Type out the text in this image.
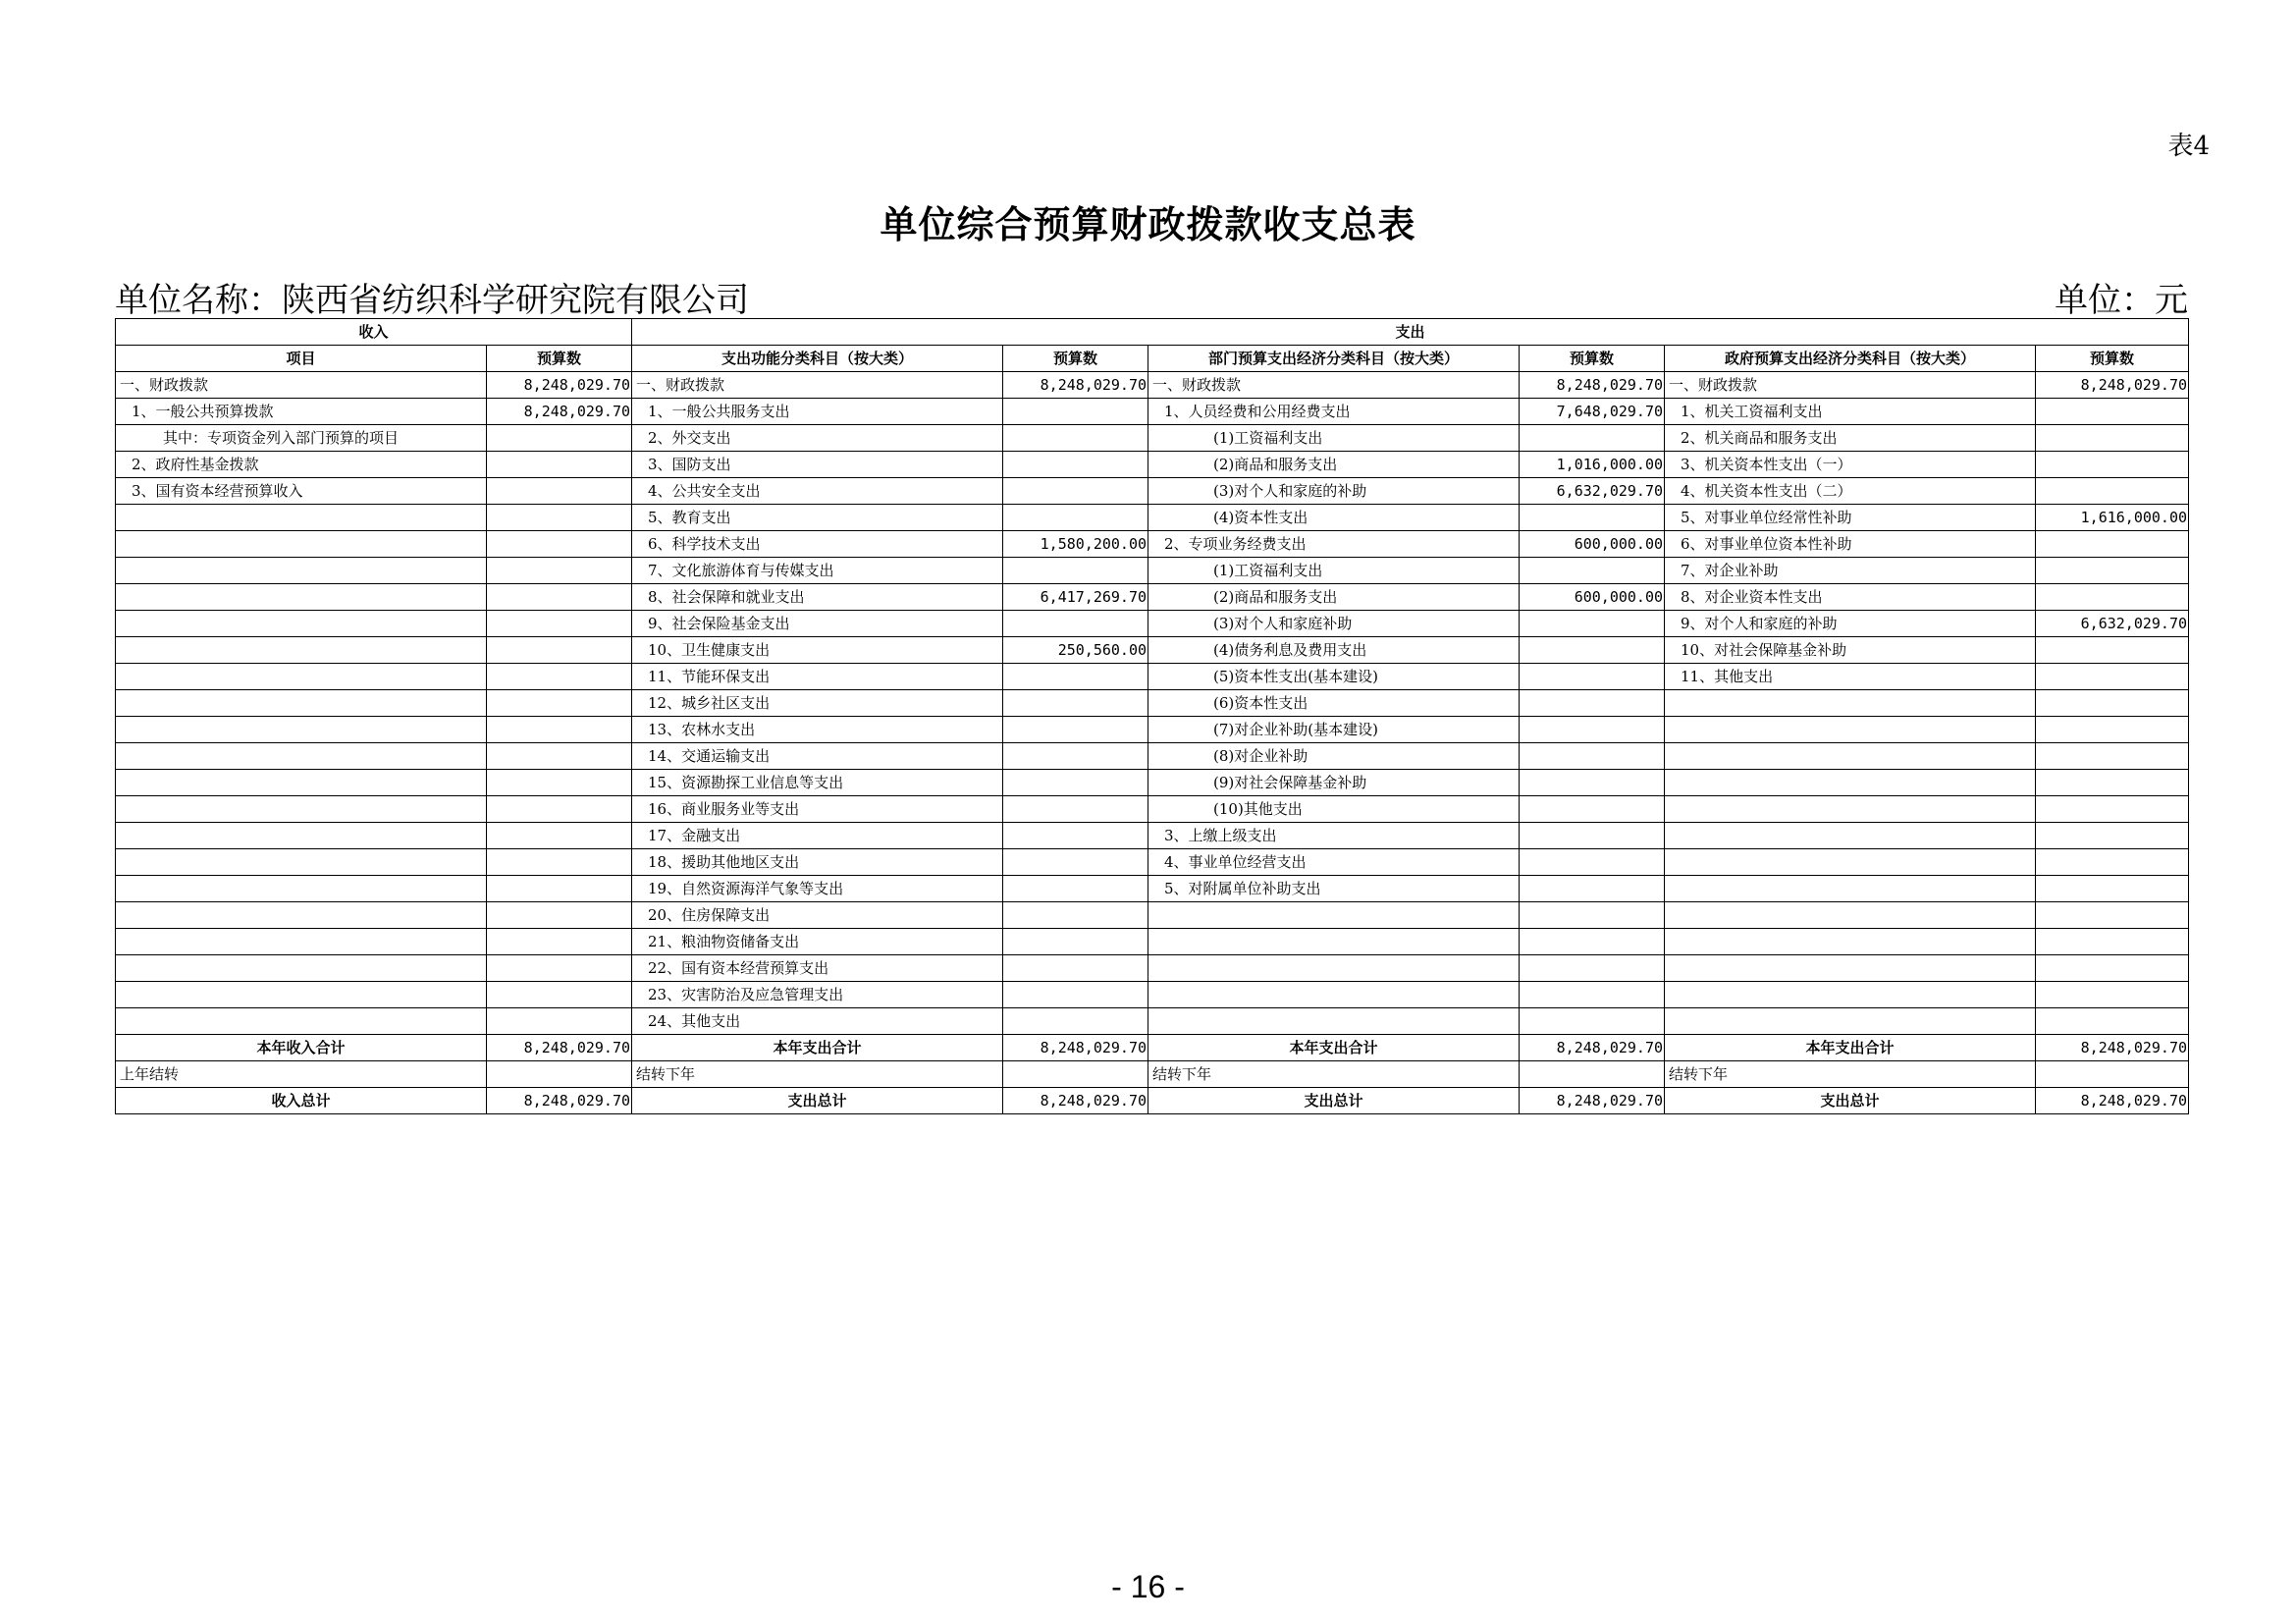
表4
单位综合预算财政拨款收支总表
单位名称：陕西省纺织科学研究院有限公司	单位：元
收入		支出					
项目	预算数	支出功能分类科目（按大类）	预算数	部门预算支出经济分类科目（按大类）	预算数	政府预算支出经济分类科目（按大类）	预算数
一、财政拨款	8,248,029.70	一、财政拨款	8,248,029.70	一、财政拨款	8,248,029.70	一、财政拨款	8,248,029.70
1、一般公共预算拨款	8,248,029.70	1、一般公共服务支出		1、人员经费和公用经费支出	7,648,029.70	1、机关工资福利支出	
其中：专项资金列入部门预算的项目		2、外交支出		(1)工资福利支出		2、机关商品和服务支出	
2、政府性基金拨款		3、国防支出		(2)商品和服务支出	1,016,000.00	3、机关资本性支出（一）	
3、国有资本经营预算收入		4、公共安全支出		(3)对个人和家庭的补助	6,632,029.70	4、机关资本性支出（二）	
		5、教育支出		(4)资本性支出		5、对事业单位经常性补助	1,616,000.00
		6、科学技术支出	1,580,200.00	2、专项业务经费支出	600,000.00	6、对事业单位资本性补助	
		7、文化旅游体育与传媒支出		(1)工资福利支出		7、对企业补助	
		8、社会保障和就业支出	6,417,269.70	(2)商品和服务支出	600,000.00	8、对企业资本性支出	
		9、社会保险基金支出		(3)对个人和家庭补助		9、对个人和家庭的补助	6,632,029.70
		10、卫生健康支出	250,560.00	(4)债务利息及费用支出		10、对社会保障基金补助	
		11、节能环保支出		(5)资本性支出(基本建设)		11、其他支出	
		12、城乡社区支出		(6)资本性支出			
		13、农林水支出		(7)对企业补助(基本建设)			
		14、交通运输支出		(8)对企业补助			
		15、资源勘探工业信息等支出		(9)对社会保障基金补助			
		16、商业服务业等支出		(10)其他支出			
		17、金融支出		3、上缴上级支出			
		18、援助其他地区支出		4、事业单位经营支出			
		19、自然资源海洋气象等支出		5、对附属单位补助支出			
		20、住房保障支出					
		21、粮油物资储备支出					
		22、国有资本经营预算支出					
		23、灾害防治及应急管理支出					
		24、其他支出					
本年收入合计	8,248,029.70	本年支出合计	8,248,029.70	本年支出合计	8,248,029.70	本年支出合计	8,248,029.70
上年结转		结转下年		结转下年		结转下年	
收入总计	8,248,029.70	支出总计	8,248,029.70	支出总计	8,248,029.70	支出总计	8,248,029.70
- 16 -
